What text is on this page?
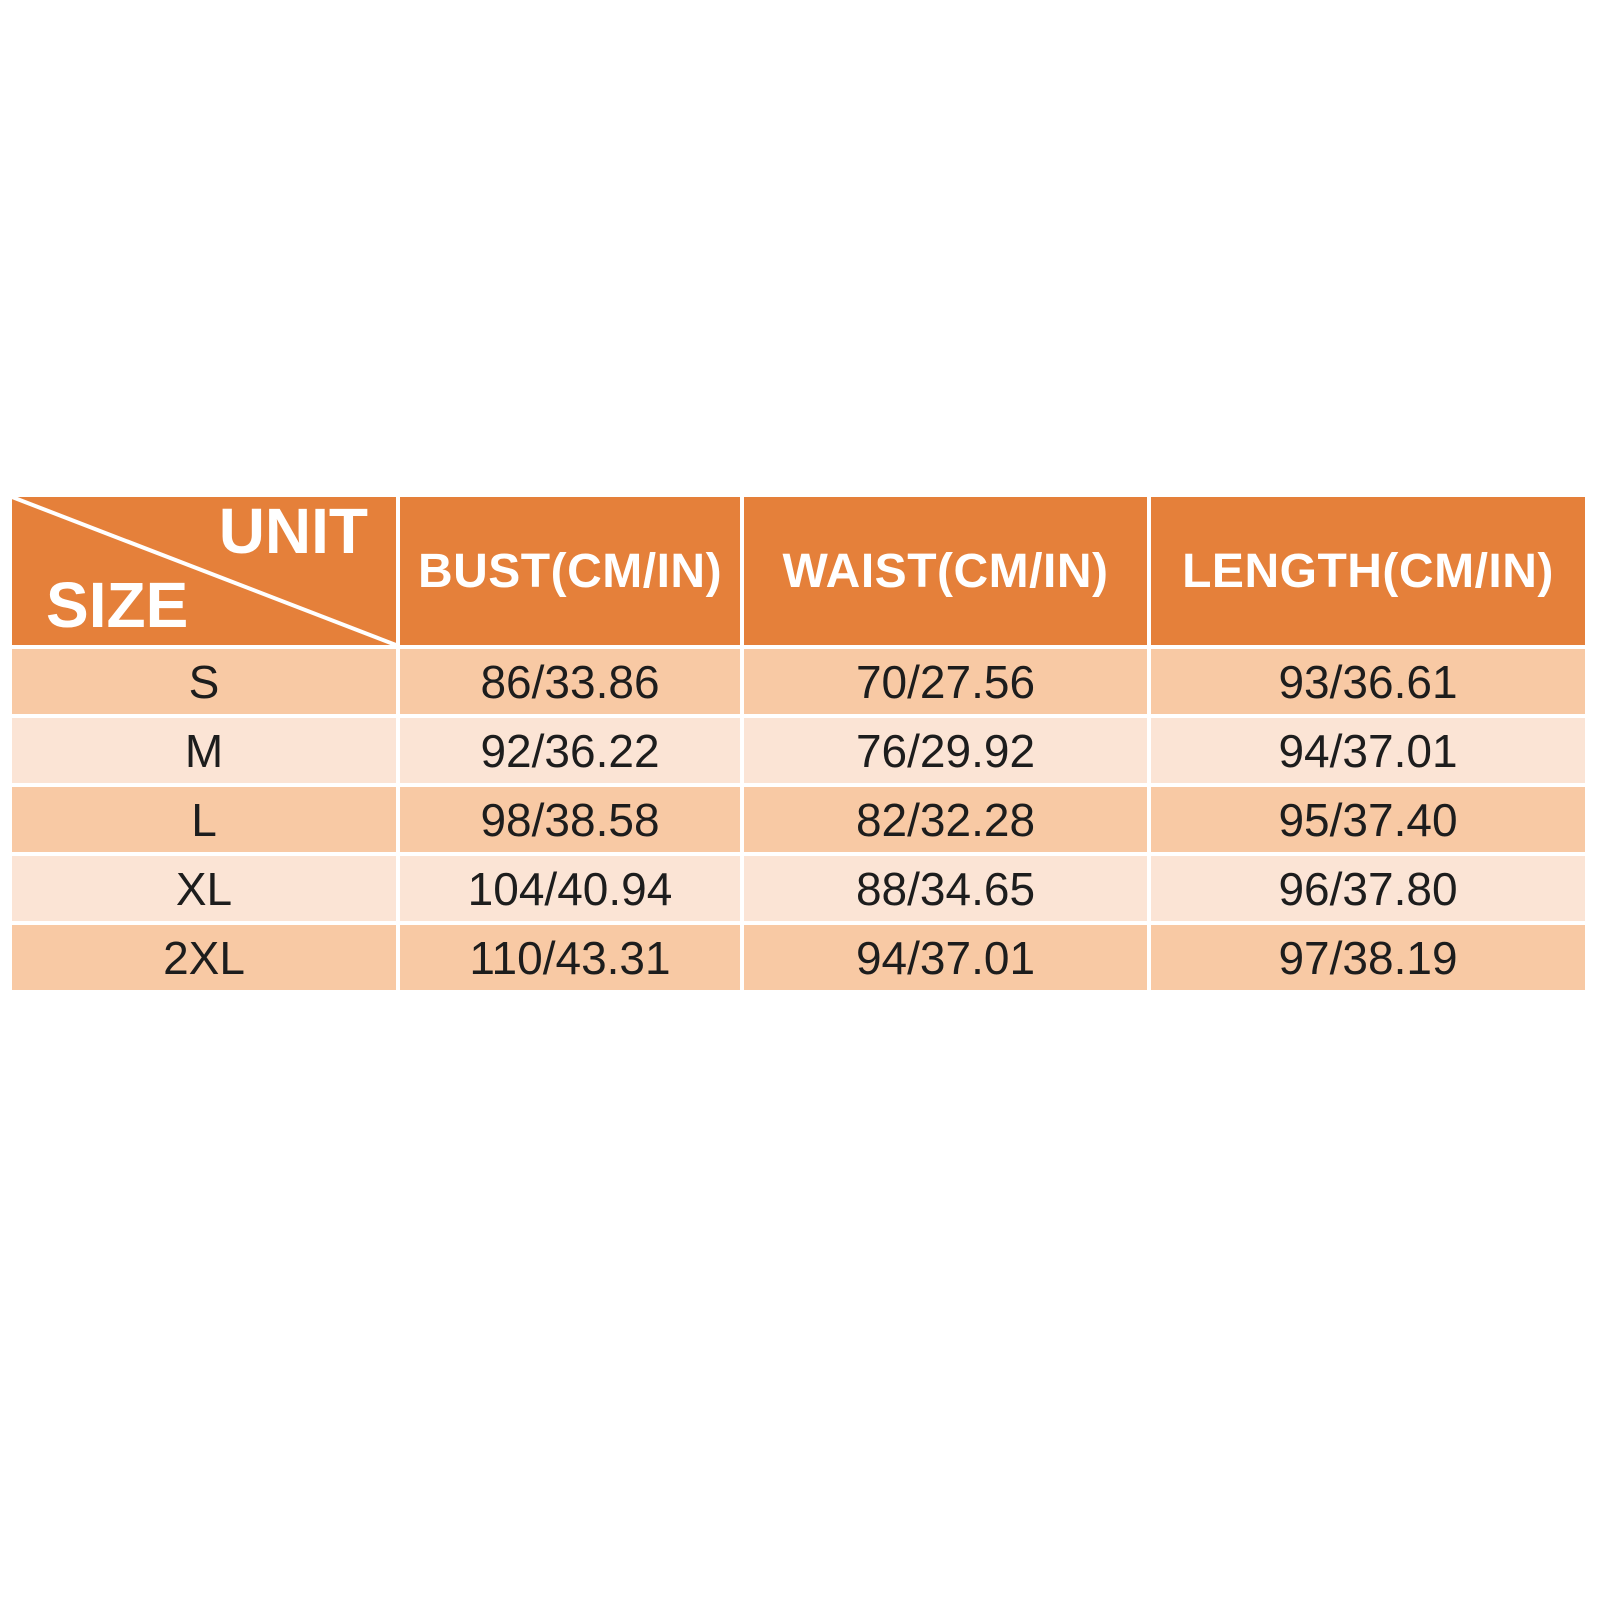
UNIT
SIZE	BUST(CM/IN)	WAIST(CM/IN)	LENGTH(CM/IN)
S	86/33.86	70/27.56	93/36.61
M	92/36.22	76/29.92	94/37.01
L	98/38.58	82/32.28	95/37.40
XL	104/40.94	88/34.65	96/37.80
2XL	110/43.31	94/37.01	97/38.19
